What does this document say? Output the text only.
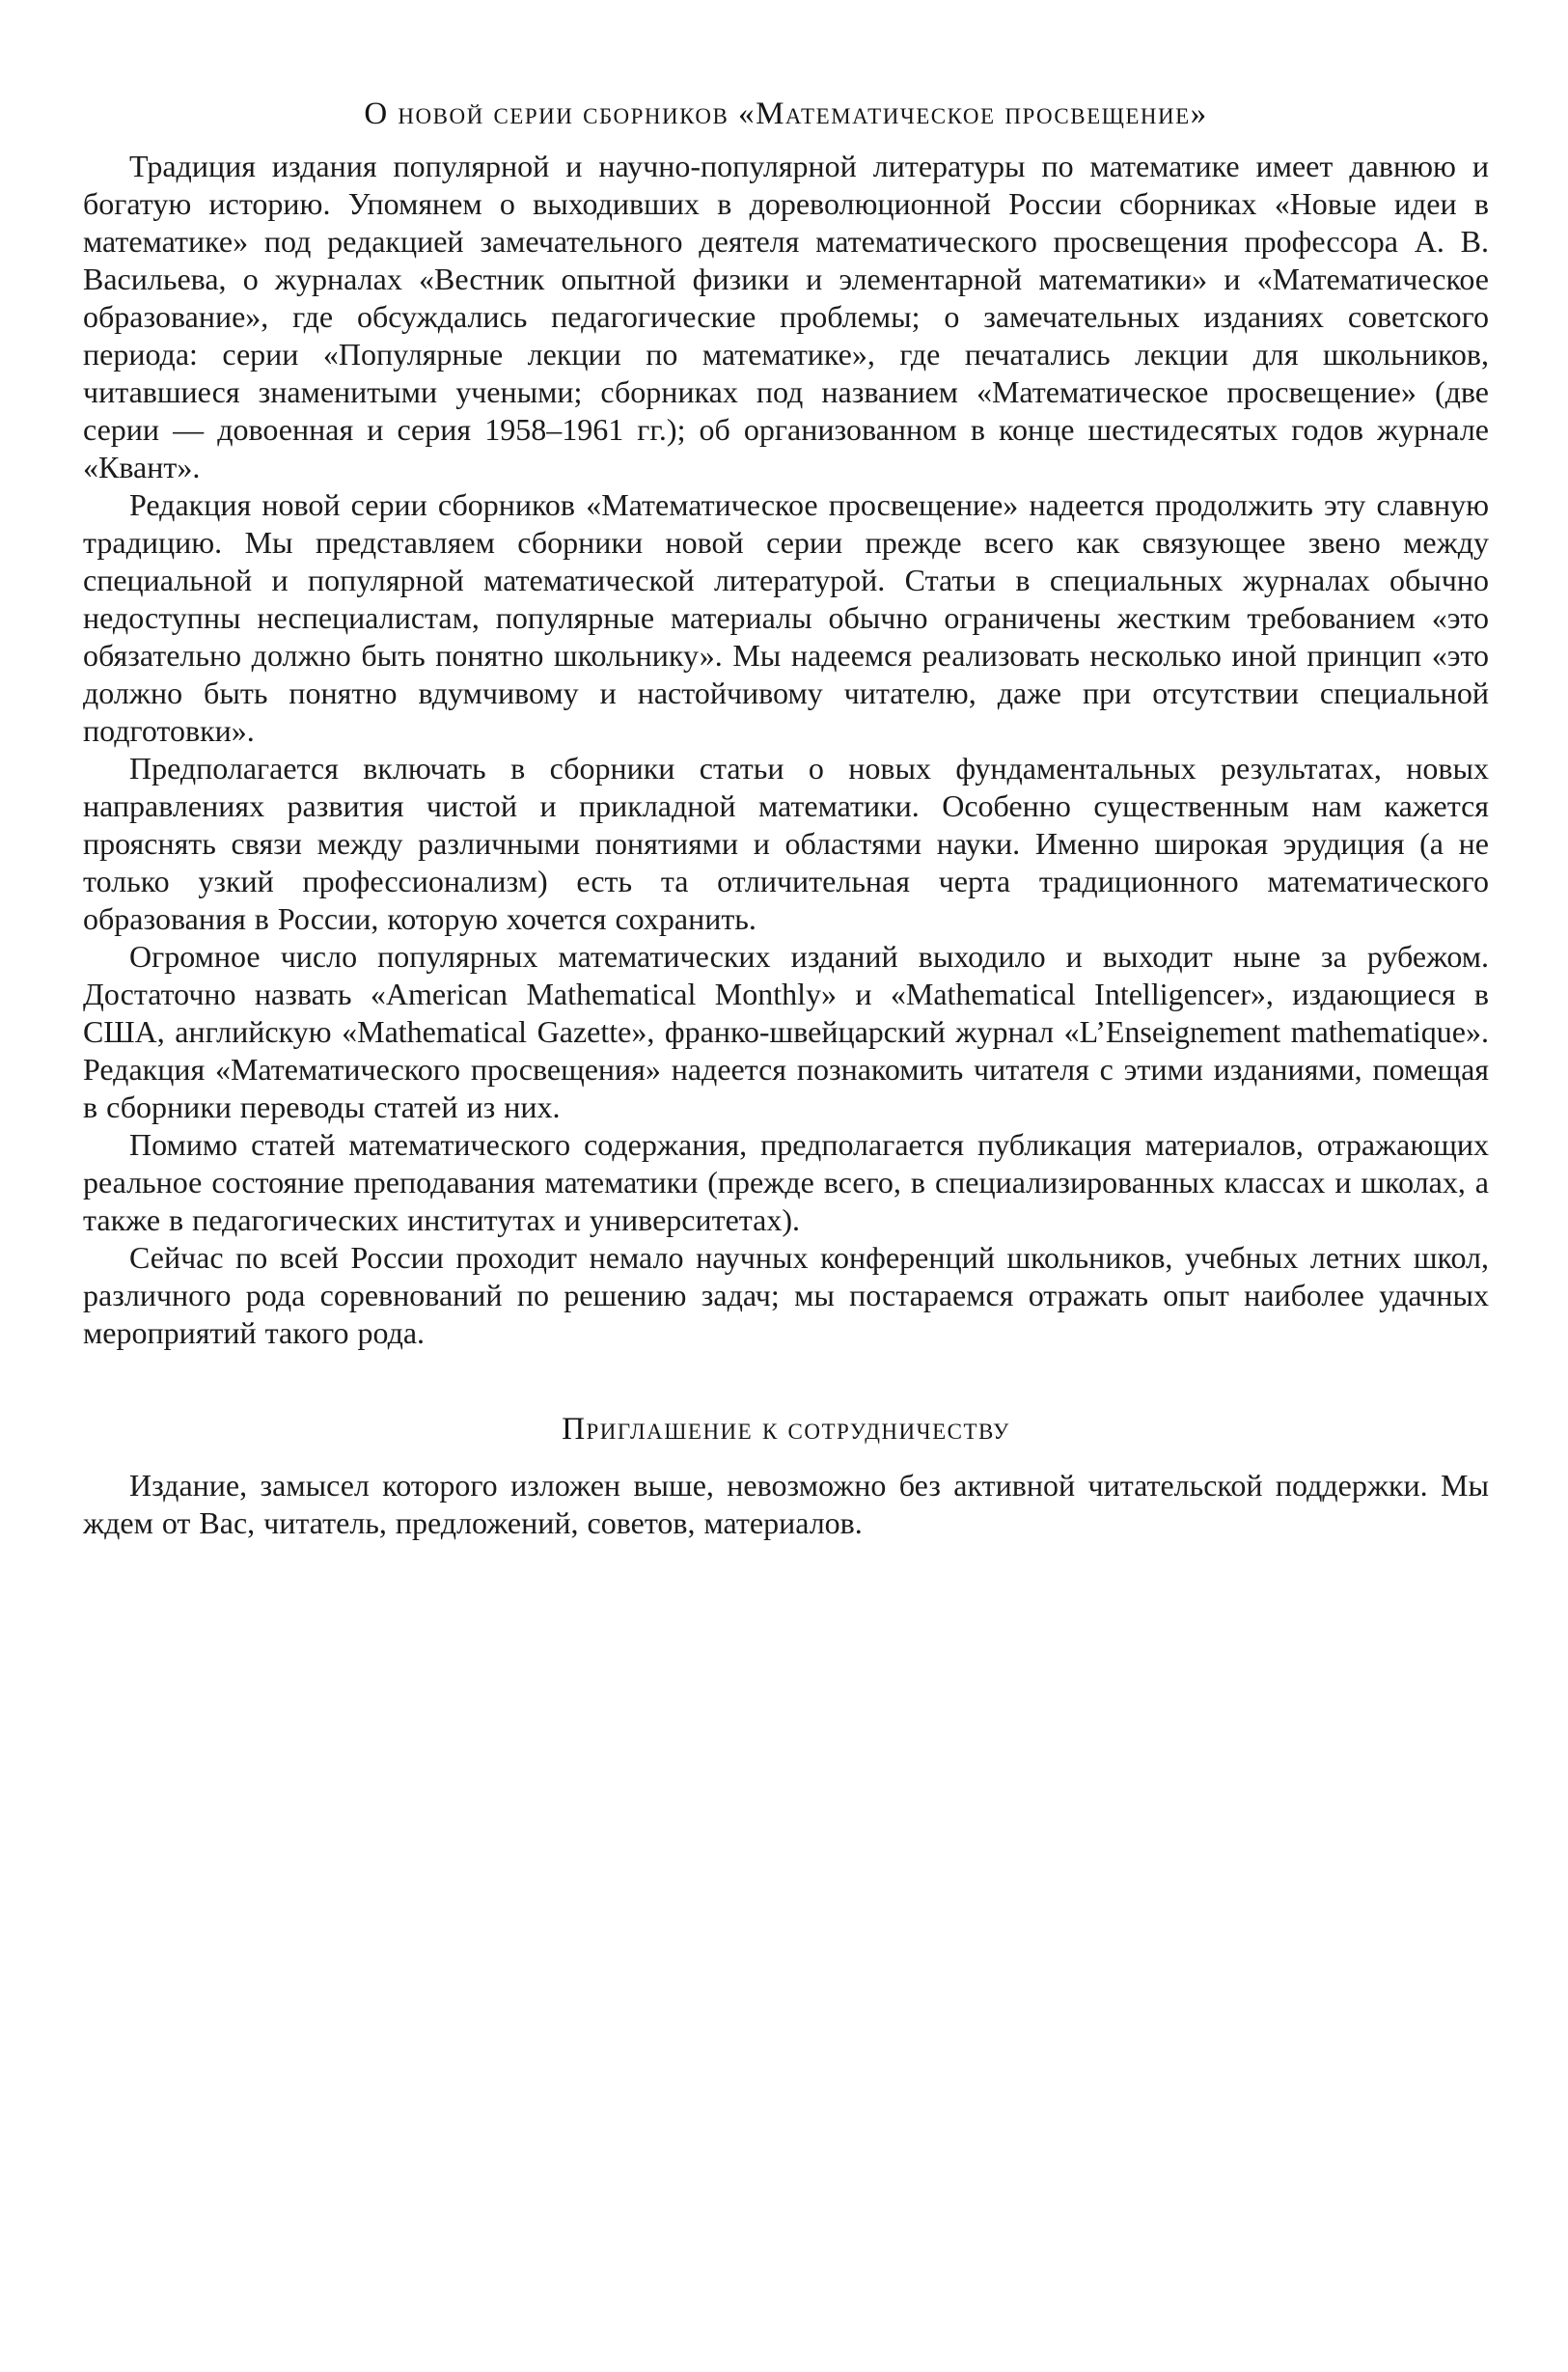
О новой серии сборников «Математическое просвещение»

Традиция издания популярной и научно-популярной литературы по математике имеет давнюю и богатую историю. Упомянем о выходивших в дореволюционной России сборниках «Новые идеи в математике» под редакцией замечательного деятеля математического просвещения профессора А. В. Васильева, о журналах «Вестник опытной физики и элементарной математики» и «Математическое образование», где обсуждались педагогические проблемы; о замечательных изданиях советского периода: серии «Популярные лекции по математике», где печатались лекции для школьников, читавшиеся знаменитыми учеными; сборниках под названием «Математическое просвещение» (две серии — довоенная и серия 1958–1961 гг.); об организованном в конце шестидесятых годов журнале «Квант».

Редакция новой серии сборников «Математическое просвещение» надеется продолжить эту славную традицию. Мы представляем сборники новой серии прежде всего как связующее звено между специальной и популярной математической литературой. Статьи в специальных журналах обычно недоступны неспециалистам, популярные материалы обычно ограничены жестким требованием «это обязательно должно быть понятно школьнику». Мы надеемся реализовать несколько иной принцип «это должно быть понятно вдумчивому и настойчивому читателю, даже при отсутствии специальной подготовки».

Предполагается включать в сборники статьи о новых фундаментальных результатах, новых направлениях развития чистой и прикладной математики. Особенно существенным нам кажется прояснять связи между различными понятиями и областями науки. Именно широкая эрудиция (а не только узкий профессионализм) есть та отличительная черта традиционного математического образования в России, которую хочется сохранить.

Огромное число популярных математических изданий выходило и выходит ныне за рубежом. Достаточно назвать «American Mathematical Monthly» и «Mathematical Intelligencer», издающиеся в США, английскую «Mathematical Gazette», франко-швейцарский журнал «L’Enseignement mathematique». Редакция «Математического просвещения» надеется познакомить читателя с этими изданиями, помещая в сборники переводы статей из них.

Помимо статей математического содержания, предполагается публикация материалов, отражающих реальное состояние преподавания математики (прежде всего, в специализированных классах и школах, а также в педагогических институтах и университетах).

Сейчас по всей России проходит немало научных конференций школьников, учебных летних школ, различного рода соревнований по решению задач; мы постараемся отражать опыт наиболее удачных мероприятий такого рода.

Приглашение к сотрудничеству

Издание, замысел которого изложен выше, невозможно без активной читательской поддержки. Мы ждем от Вас, читатель, предложений, советов, материалов.
